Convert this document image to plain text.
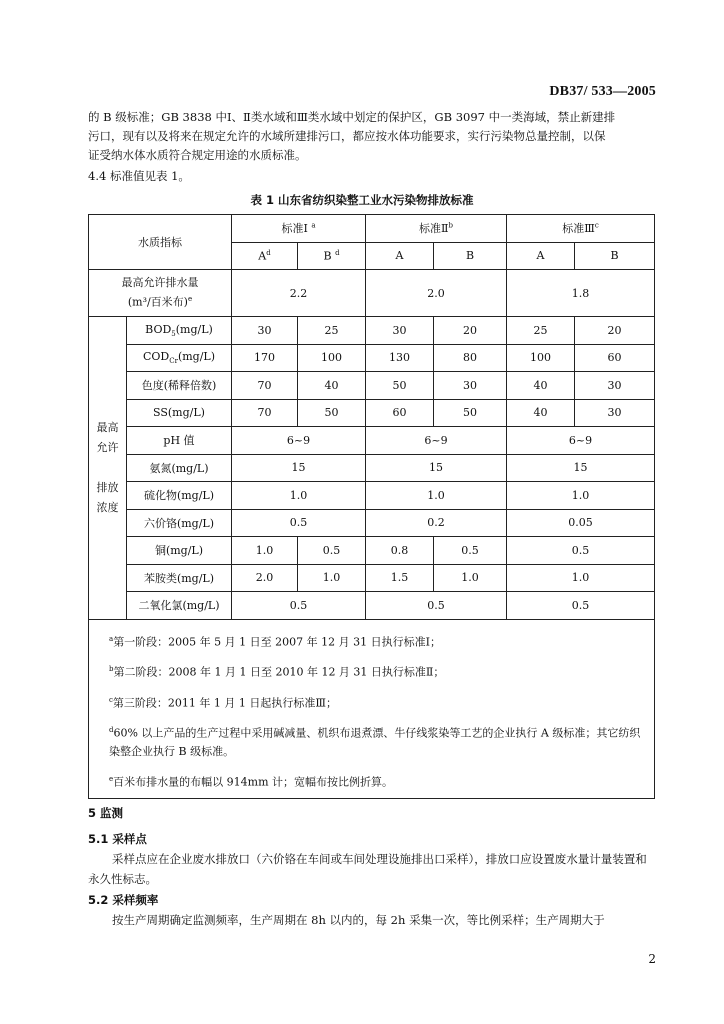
DB37/ 533—2005
的 B 级标准；GB 3838 中Ⅰ、Ⅱ类水域和Ⅲ类水域中划定的保护区，GB 3097 中一类海域，禁止新建排
污口，现有以及将来在规定允许的水域所建排污口，都应按水体功能要求，实行污染物总量控制，以保
证受纳水体水质符合规定用途的水质标准。
4.4 标准值见表 1。
表 1 山东省纺织染整工业水污染物排放标准
水质指标		标准Ⅰ $^a$		标准Ⅱ$^b$		标准Ⅲ$^c$
		$A^d$	B $^d$	A	B	A	B
最高允许排水量
(m³/百米布)$^e$		2.2		2.0		1.8	
最高
允许

排放
浓度	$BOD_5(mg/L)$	30	25	30	20	25	20
	$COD_{Cr}(mg/L)$	170	100	130	80	100	60
	色度(稀释倍数)	70	40	50	30	40	30
	SS(mg/L)	70	50	60	50	40	30
	pH 值	6~9		6~9		6~9	
	氨氮(mg/L)	15		15		15	
	硫化物(mg/L)	1.0		1.0		1.0	
	六价铬(mg/L)	0.5		0.2		0.05	
	铜(mg/L)	1.0	0.5	0.8	0.5	0.5	
	苯胺类(mg/L)	2.0	1.0	1.5	1.0	1.0	
	二氧化氯(mg/L)	0.5		0.5		0.5	

$^a$第一阶段：2005 年 5 月 1 日至 2007 年 12 月 31 日执行标准Ⅰ；

$^b$第二阶段：2008 年 1 月 1 日至 2010 年 12 月 31 日执行标准Ⅱ；

$^c$第三阶段：2011 年 1 月 1 日起执行标准Ⅲ；

$^d$60% 以上产品的生产过程中采用碱减量、机织布退煮漂、牛仔线浆染等工艺的企业执行 A 级标准；其它纺织染整企业执行 B 级标准。

$^e$百米布排水量的布幅以 914mm 计；宽幅布按比例折算。							

5 监测
5.1 采样点
采样点应在企业废水排放口（六价铬在车间或车间处理设施排出口采样），排放口应设置废水量计量装置和永久性标志。
5.2 采样频率
按生产周期确定监测频率，生产周期在 8h 以内的，每 2h 采集一次，等比例采样；生产周期大于
2
